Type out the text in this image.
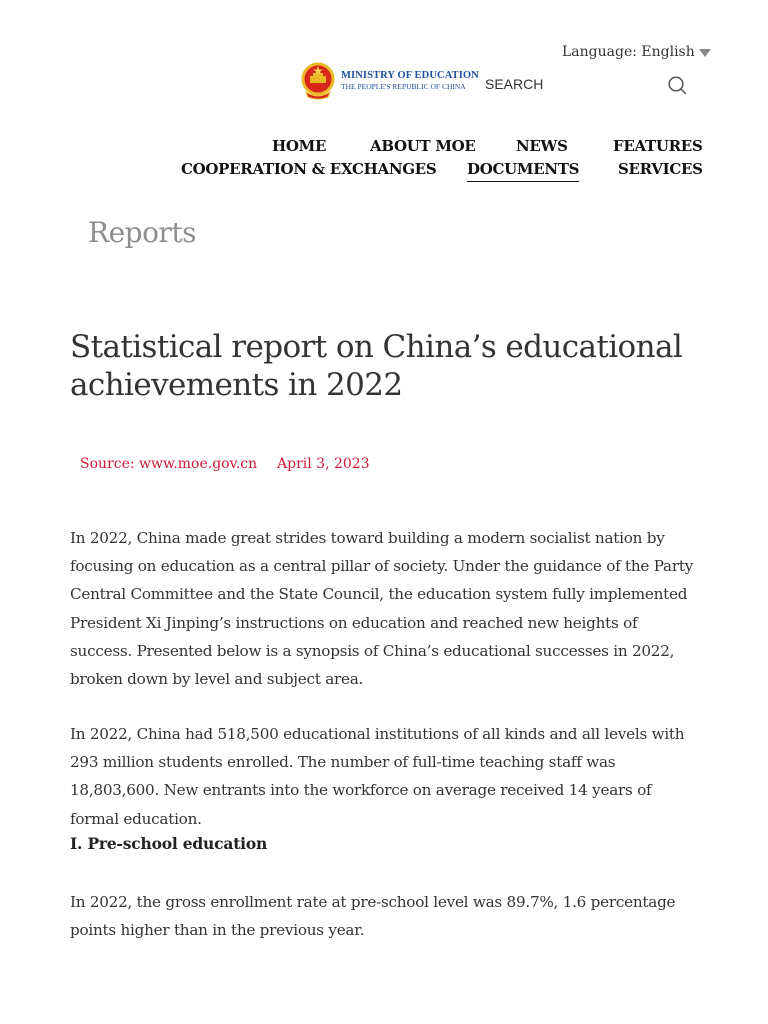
Language: English
MINISTRY OF EDUCATION
THE PEOPLE'S REPUBLIC OF CHINA
SEARCH
HOME	ABOUT MOE	NEWS	FEATURES
COOPERATION & EXCHANGES DOCUMENTS	SERVICES
Reports
Statistical report on China’s educational achievements in 2022
Source: www.moe.gov.cn April 3, 2023

In 2022, China made great strides toward building a modern socialist nation by focusing on education as a central pillar of society. Under the guidance of the Party Central Committee and the State Council, the education system fully implemented President Xi Jinping’s instructions on education and reached new heights of success. Presented below is a synopsis of China’s educational successes in 2022, broken down by level and subject area.

In 2022, China had 518,500 educational institutions of all kinds and all levels with 293 million students enrolled. The number of full-time teaching staff was 18,803,600. New entrants into the workforce on average received 14 years of formal education.

I. Pre-school education

In 2022, the gross enrollment rate at pre-school level was 89.7%, 1.6 percentage points higher than in the previous year.
